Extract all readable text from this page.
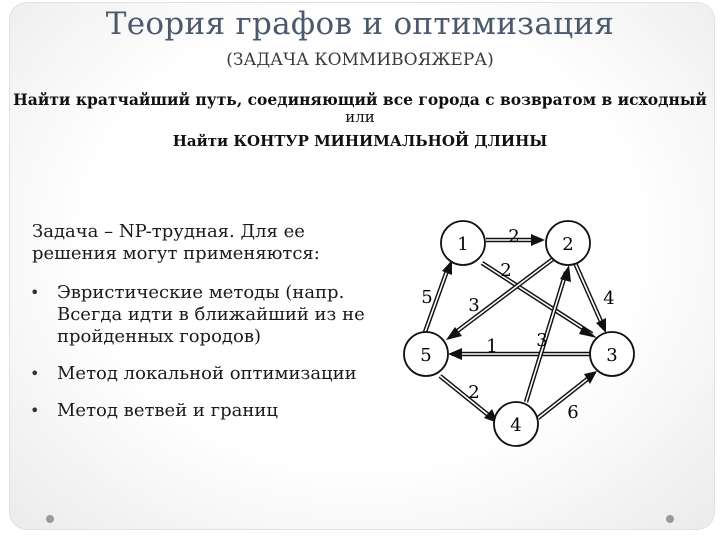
Теория графов и оптимизация
(ЗАДАЧА КОММИВОЯЖЕРА)
Найти кратчайший путь, соединяющий все города с возвратом в исходный
или
Найти КОНТУР МИНИМАЛЬНОЙ ДЛИНЫ
Задача – NP-трудная. Для ее решения могут применяются:
• Эвристические методы (напр. Всегда идти в ближайший из не пройденных городов)
• Метод локальной оптимизации
• Метод ветвей и границ
1	2
3
4
5
2
2
5	4
3
1
2
3
6
